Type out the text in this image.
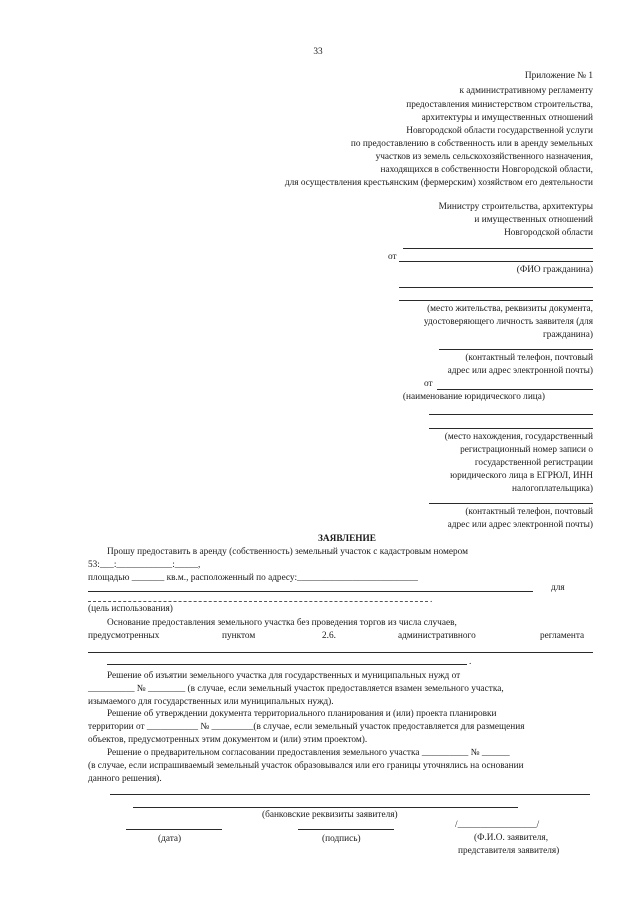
33
Приложение № 1
к административному регламенту
предоставления министерством строительства,
архитектуры и имущественных отношений
Новгородской области государственной услуги
по предоставлению в собственность или в аренду земельных
участков из земель сельскохозяйственного назначения,
находящихся в собственности Новгородской области,
для осуществления крестьянским (фермерским) хозяйством его деятельности
Министру строительства, архитектуры
и имущественных отношений
Новгородской области
от
(ФИО гражданина)
(место жительства, реквизиты документа,
удостоверяющего личность заявителя (для
гражданина)
(контактный телефон, почтовый
адрес или адрес электронной почты)
от
(наименование юридического лица)
(место нахождения, государственный
регистрационный номер записи о
государственной регистрации
юридического лица в ЕГРЮЛ, ИНН
налогоплательщика)
(контактный телефон, почтовый
адрес или адрес электронной почты)
ЗАЯВЛЕНИЕ
Прошу предоставить в аренду (собственность) земельный участок с кадастровым номером
53:___:____________:_____,
площадью _______ кв.м., расположенный по адресу:__________________________
для
.
(цель использования)
Основание предоставления земельного участка без проведения торгов из числа случаев,
предусмотренных	пунктом	2.6.	административного	регламента
.
Решение об изъятии земельного участка для государственных и муниципальных нужд от
__________ № ________ (в случае, если земельный участок предоставляется взамен земельного участка,
изымаемого для государственных или муниципальных нужд).
Решение об утверждении документа территориального планирования и (или) проекта планировки
территории от ___________ № _________(в случае, если земельный участок предоставляется для размещения
объектов, предусмотренных этим документом и (или) этим проектом).
Решение о предварительном согласовании предоставления земельного участка __________ № ______
(в случае, если испрашиваемый земельный участок образовывался или его границы уточнялись на основании
данного решения).
(банковские реквизиты заявителя)
(дата)	(подпись)
/_________________/
(Ф.И.О. заявителя,
представителя заявителя)
